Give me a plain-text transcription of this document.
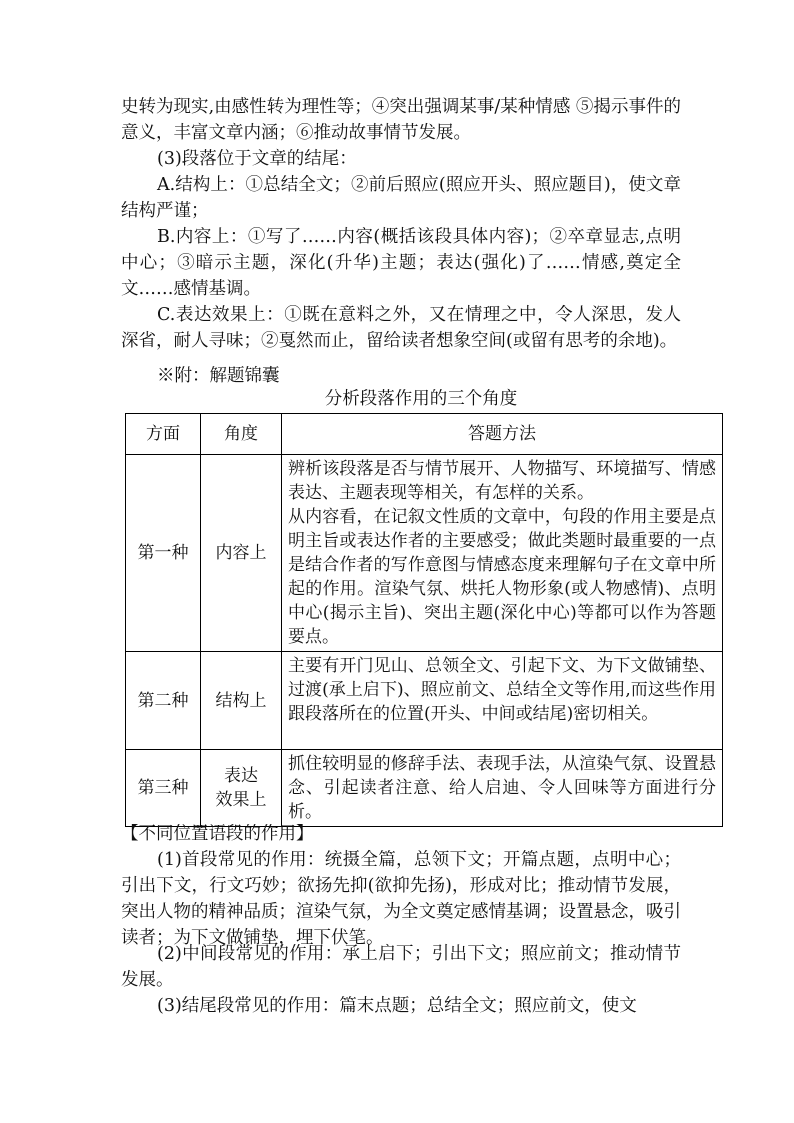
史转为现实,由感性转为理性等；④突出强调某事/某种情感 ⑤揭示事件的意义，丰富文章内涵；⑥推动故事情节发展。

(3)段落位于文章的结尾：

A.结构上：①总结全文；②前后照应(照应开头、照应题目)，使文章结构严谨；

B.内容上：①写了……内容(概括该段具体内容)；②卒章显志,点明中心；③暗示主题，深化(升华)主题；表达(强化)了……情感,奠定全文……感情基调。

C.表达效果上：①既在意料之外，又在情理之中，令人深思，发人深省，耐人寻味；②戛然而止，留给读者想象空间(或留有思考的余地)。

※附：解题锦囊

分析段落作用的三个角度

方面	角度	答题方法
第一种	内容上	辨析该段落是否与情节展开、人物描写、环境描写、情感表达、主题表现等相关，有怎样的关系。
从内容看，在记叙文性质的文章中，句段的作用主要是点明主旨或表达作者的主要感受；做此类题时最重要的一点是结合作者的写作意图与情感态度来理解句子在文章中所起的作用。渲染气氛、烘托人物形象(或人物感情)、点明中心(揭示主旨)、突出主题(深化中心)等都可以作为答题要点。

第二种	结构上	主要有开门见山、总领全文、引起下文、为下文做铺垫、过渡(承上启下)、照应前文、总结全文等作用,而这些作用跟段落所在的位置(开头、中间或结尾)密切相关。

第三种	表达
效果上	抓住较明显的修辞手法、表现手法，从渲染气氛、设置悬念、引起读者注意、给人启迪、令人回味等方面进行分析。

【不同位置语段的作用】

(1)首段常见的作用：统摄全篇，总领下文；开篇点题，点明中心；引出下文，行文巧妙；欲扬先抑(欲抑先扬)，形成对比；推动情节发展，突出人物的精神品质；渲染气氛，为全文奠定感情基调；设置悬念，吸引读者；为下文做铺垫，埋下伏笔。

(2)中间段常见的作用：承上启下；引出下文；照应前文；推动情节发展。

(3)结尾段常见的作用：篇末点题；总结全文；照应前文，使文
